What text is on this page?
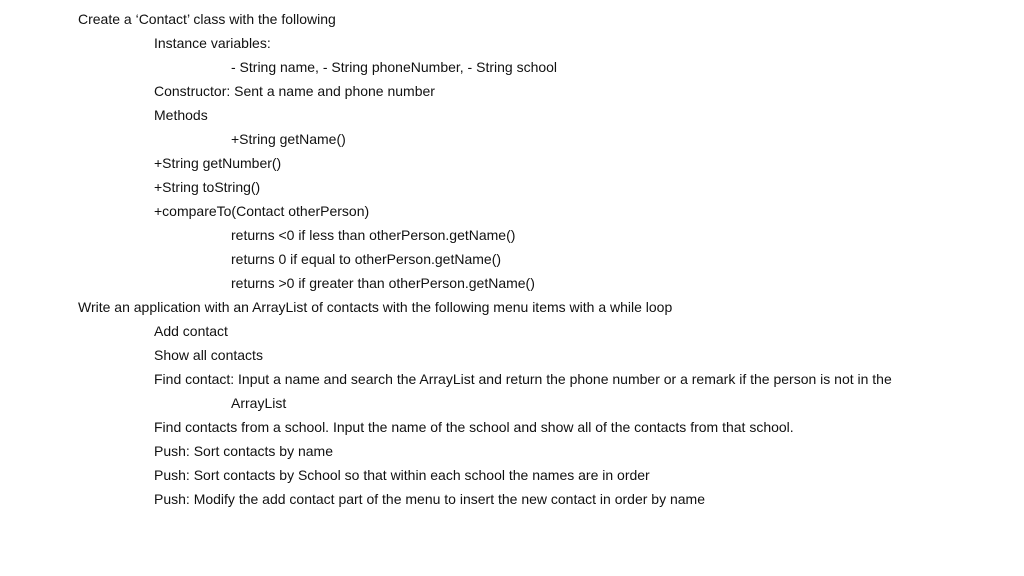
Create a ‘Contact’ class with the following

Instance variables:

- String name, - String phoneNumber, - String school

Constructor: Sent a name and phone number

Methods

+String getName()

+String getNumber()

+String toString()

+compareTo(Contact otherPerson)

returns <0 if less than otherPerson.getName()

returns 0 if equal to otherPerson.getName()

returns >0 if greater than otherPerson.getName()

Write an application with an ArrayList of contacts with the following menu items with a while loop

Add contact

Show all contacts

Find contact: Input a name and search the ArrayList and return the phone number or a remark if the person is not in the

ArrayList

Find contacts from a school. Input the name of the school and show all of the contacts from that school.

Push: Sort contacts by name

Push: Sort contacts by School so that within each school the names are in order

Push: Modify the add contact part of the menu to insert the new contact in order by name
